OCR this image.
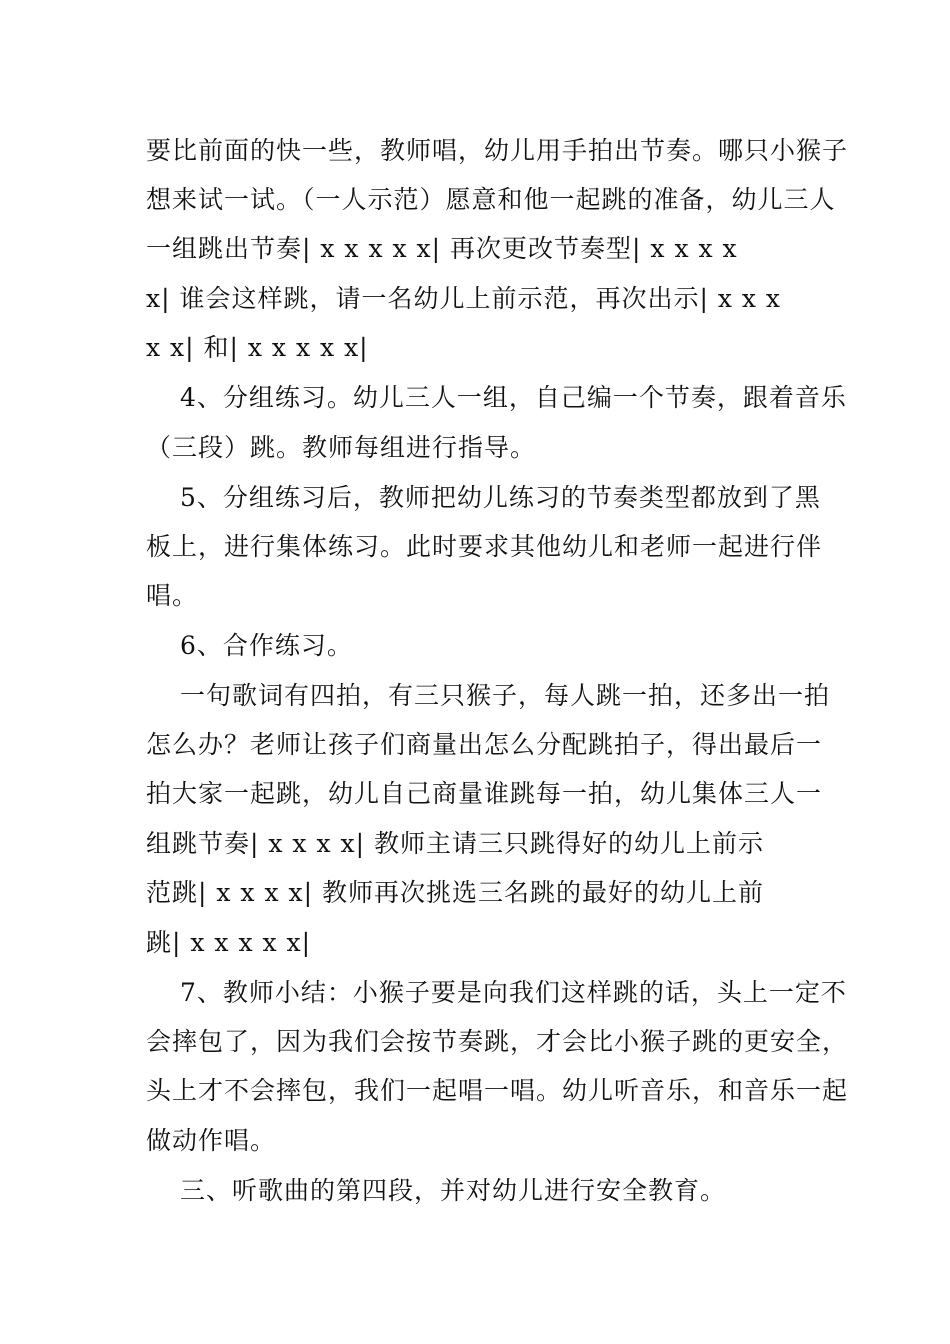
要比前面的快一些，教师唱，幼儿用手拍出节奏。哪只小猴子
想来试一试。（一人示范）愿意和他一起跳的准备，幼儿三人
一组跳出节奏| x x x x x| 再次更改节奏型| x x x x
x| 谁会这样跳，请一名幼儿上前示范，再次出示| x x x
x x| 和| x x x x x|
4、分组练习。幼儿三人一组，自己编一个节奏，跟着音乐
（三段）跳。教师每组进行指导。
5、分组练习后，教师把幼儿练习的节奏类型都放到了黑
板上，进行集体练习。此时要求其他幼儿和老师一起进行伴
唱。
6、合作练习。
一句歌词有四拍，有三只猴子，每人跳一拍，还多出一拍
怎么办？老师让孩子们商量出怎么分配跳拍子，得出最后一
拍大家一起跳，幼儿自己商量谁跳每一拍，幼儿集体三人一
组跳节奏| x x x x| 教师主请三只跳得好的幼儿上前示
范跳| x x x x| 教师再次挑选三名跳的最好的幼儿上前
跳| x x x x x|
7、教师小结：小猴子要是向我们这样跳的话，头上一定不
会摔包了，因为我们会按节奏跳，才会比小猴子跳的更安全，
头上才不会摔包，我们一起唱一唱。幼儿听音乐，和音乐一起
做动作唱。
三、听歌曲的第四段，并对幼儿进行安全教育。
